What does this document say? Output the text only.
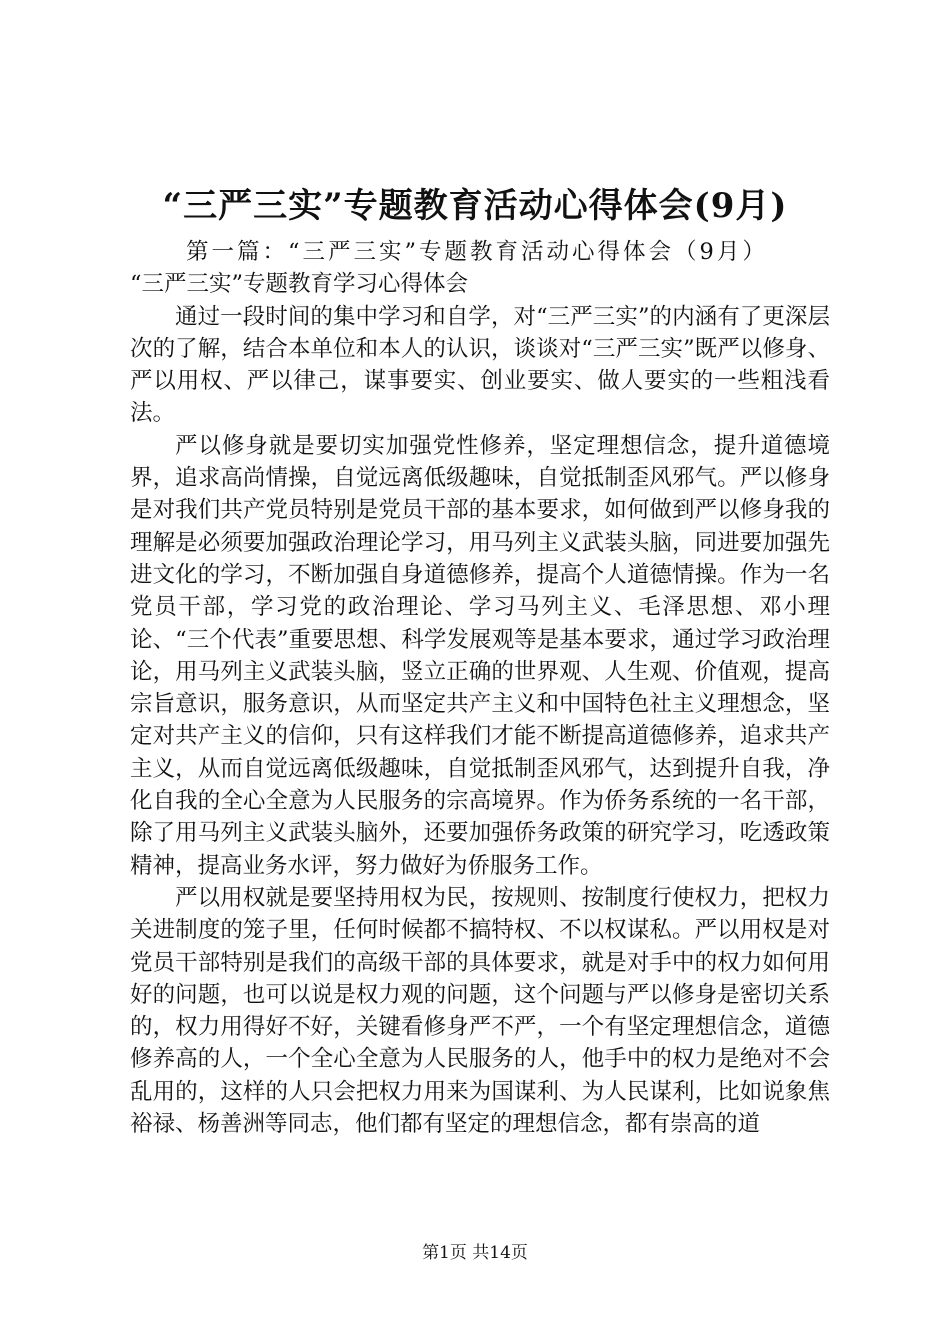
“三严三实”专题教育活动心得体会(9月)

第一篇：“三严三实”专题教育活动心得体会（9月）
“三严三实”专题教育学习心得体会

通过一段时间的集中学习和自学，对“三严三实”的内涵有了更深层次的了解，结合本单位和本人的认识，谈谈对“三严三实”既严以修身、严以用权、严以律己，谋事要实、创业要实、做人要实的一些粗浅看法。

严以修身就是要切实加强党性修养，坚定理想信念，提升道德境界，追求高尚情操，自觉远离低级趣味，自觉抵制歪风邪气。严以修身是对我们共产党员特别是党员干部的基本要求，如何做到严以修身我的理解是必须要加强政治理论学习，用马列主义武装头脑，同进要加强先进文化的学习，不断加强自身道德修养，提高个人道德情操。作为一名党员干部，学习党的政治理论、学习马列主义、毛泽思想、邓小理论、“三个代表”重要思想、科学发展观等是基本要求，通过学习政治理论，用马列主义武装头脑，竖立正确的世界观、人生观、价值观，提高宗旨意识，服务意识，从而坚定共产主义和中国特色社主义理想念，坚定对共产主义的信仰，只有这样我们才能不断提高道德修养，追求共产主义，从而自觉远离低级趣味，自觉抵制歪风邪气，达到提升自我，净化自我的全心全意为人民服务的宗高境界。作为侨务系统的一名干部，除了用马列主义武装头脑外，还要加强侨务政策的研究学习，吃透政策精神，提高业务水评，努力做好为侨服务工作。

严以用权就是要坚持用权为民，按规则、按制度行使权力，把权力关进制度的笼子里，任何时候都不搞特权、不以权谋私。严以用权是对党员干部特别是我们的高级干部的具体要求，就是对手中的权力如何用好的问题，也可以说是权力观的问题，这个问题与严以修身是密切关系的，权力用得好不好，关键看修身严不严，一个有坚定理想信念，道德修养高的人，一个全心全意为人民服务的人，他手中的权力是绝对不会乱用的，这样的人只会把权力用来为国谋利、为人民谋利，比如说象焦裕禄、杨善洲等同志，他们都有坚定的理想信念，都有崇高的道

第1页 共14页
